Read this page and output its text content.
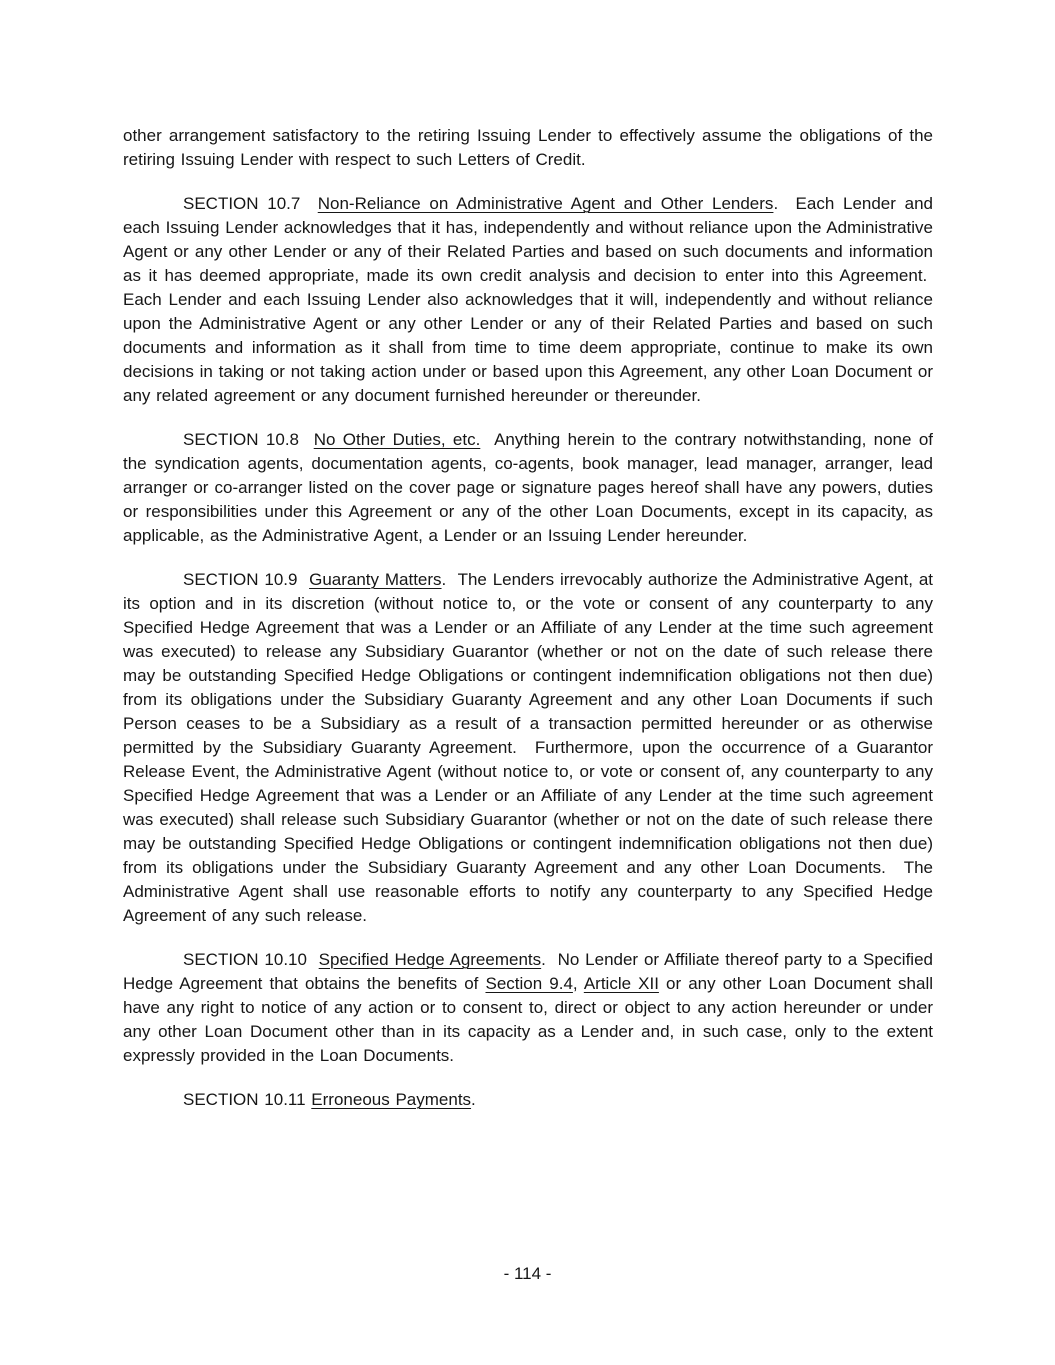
other arrangement satisfactory to the retiring Issuing Lender to effectively assume the obligations of the retiring Issuing Lender with respect to such Letters of Credit.

SECTION 10.7  Non-Reliance on Administrative Agent and Other Lenders.  Each Lender and each Issuing Lender acknowledges that it has, independently and without reliance upon the Administrative Agent or any other Lender or any of their Related Parties and based on such documents and information as it has deemed appropriate, made its own credit analysis and decision to enter into this Agreement.  Each Lender and each Issuing Lender also acknowledges that it will, independently and without reliance upon the Administrative Agent or any other Lender or any of their Related Parties and based on such documents and information as it shall from time to time deem appropriate, continue to make its own decisions in taking or not taking action under or based upon this Agreement, any other Loan Document or any related agreement or any document furnished hereunder or thereunder.

SECTION 10.8  No Other Duties, etc.  Anything herein to the contrary notwithstanding, none of the syndication agents, documentation agents, co-agents, book manager, lead manager, arranger, lead arranger or co-arranger listed on the cover page or signature pages hereof shall have any powers, duties or responsibilities under this Agreement or any of the other Loan Documents, except in its capacity, as applicable, as the Administrative Agent, a Lender or an Issuing Lender hereunder.

SECTION 10.9  Guaranty Matters.  The Lenders irrevocably authorize the Administrative Agent, at its option and in its discretion (without notice to, or the vote or consent of any counterparty to any Specified Hedge Agreement that was a Lender or an Affiliate of any Lender at the time such agreement was executed) to release any Subsidiary Guarantor (whether or not on the date of such release there may be outstanding Specified Hedge Obligations or contingent indemnification obligations not then due) from its obligations under the Subsidiary Guaranty Agreement and any other Loan Documents if such Person ceases to be a Subsidiary as a result of a transaction permitted hereunder or as otherwise permitted by the Subsidiary Guaranty Agreement.  Furthermore, upon the occurrence of a Guarantor Release Event, the Administrative Agent (without notice to, or vote or consent of, any counterparty to any Specified Hedge Agreement that was a Lender or an Affiliate of any Lender at the time such agreement was executed) shall release such Subsidiary Guarantor (whether or not on the date of such release there may be outstanding Specified Hedge Obligations or contingent indemnification obligations not then due) from its obligations under the Subsidiary Guaranty Agreement and any other Loan Documents.  The Administrative Agent shall use reasonable efforts to notify any counterparty to any Specified Hedge Agreement of any such release.

SECTION 10.10  Specified Hedge Agreements.  No Lender or Affiliate thereof party to a Specified Hedge Agreement that obtains the benefits of Section 9.4, Article XII or any other Loan Document shall have any right to notice of any action or to consent to, direct or object to any action hereunder or under any other Loan Document other than in its capacity as a Lender and, in such case, only to the extent expressly provided in the Loan Documents.

SECTION 10.11 Erroneous Payments.

- 114 -
